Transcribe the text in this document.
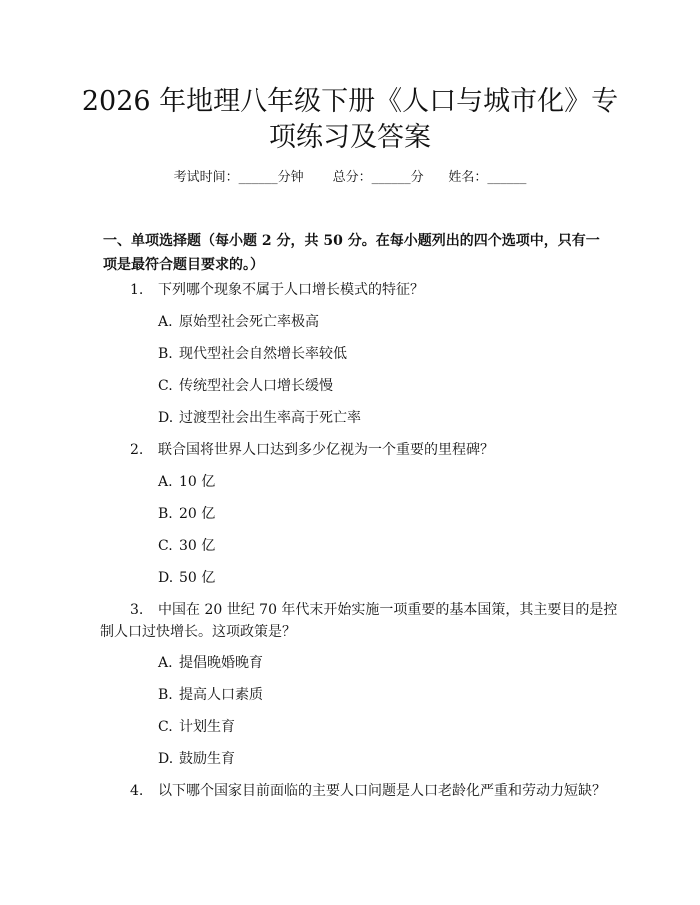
2026 年地理八年级下册《人口与城市化》专
项练习及答案
考试时间：______分钟 总分：______分 姓名：______

一、单项选择题（每小题 2 分，共 50 分。在每小题列出的四个选项中，只有一项是最符合题目要求的。）

1. 下列哪个现象不属于人口增长模式的特征？
A. 原始型社会死亡率极高
B. 现代型社会自然增长率较低
C. 传统型社会人口增长缓慢
D. 过渡型社会出生率高于死亡率
2. 联合国将世界人口达到多少亿视为一个重要的里程碑？
A. 10 亿
B. 20 亿
C. 30 亿
D. 50 亿
3. 中国在 20 世纪 70 年代末开始实施一项重要的基本国策，其主要目的是控
制人口过快增长。这项政策是？
A. 提倡晚婚晚育
B. 提高人口素质
C. 计划生育
D. 鼓励生育
4. 以下哪个国家目前面临的主要人口问题是人口老龄化严重和劳动力短缺？
